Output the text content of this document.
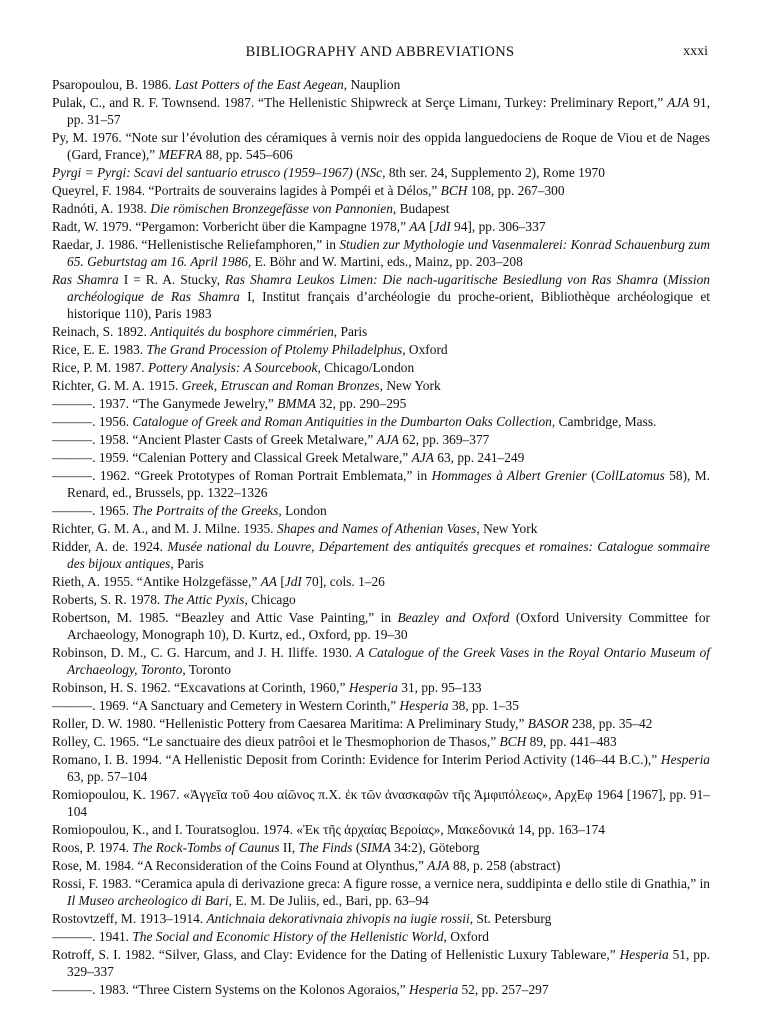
BIBLIOGRAPHY AND ABBREVIATIONS	xxxi
Psaropoulou, B. 1986. Last Potters of the East Aegean, Nauplion
Pulak, C., and R. F. Townsend. 1987. “The Hellenistic Shipwreck at Serçe Limanı, Turkey: Preliminary Report,” AJA 91, pp. 31–57
Py, M. 1976. “Note sur l’évolution des céramiques à vernis noir des oppida languedociens de Roque de Viou et de Nages (Gard, France),” MEFRA 88, pp. 545–606
Pyrgi = Pyrgi: Scavi del santuario etrusco (1959–1967) (NSc, 8th ser. 24, Supplemento 2), Rome 1970
Queyrel, F. 1984. “Portraits de souverains lagides à Pompéi et à Délos,” BCH 108, pp. 267–300
Radnóti, A. 1938. Die römischen Bronzegefässe von Pannonien, Budapest
Radt, W. 1979. “Pergamon: Vorbericht über die Kampagne 1978,” AA [JdI 94], pp. 306–337
Raedar, J. 1986. “Hellenistische Reliefamphoren,” in Studien zur Mythologie und Vasenmalerei: Konrad Schauenburg zum 65. Geburtstag am 16. April 1986, E. Böhr and W. Martini, eds., Mainz, pp. 203–208
Ras Shamra I = R. A. Stucky, Ras Shamra Leukos Limen: Die nach-ugaritische Besiedlung von Ras Shamra (Mission archéologique de Ras Shamra I, Institut français d’archéologie du proche-orient, Bibliothèque archéologique et historique 110), Paris 1983
Reinach, S. 1892. Antiquités du bosphore cimmérien, Paris
Rice, E. E. 1983. The Grand Procession of Ptolemy Philadelphus, Oxford
Rice, P. M. 1987. Pottery Analysis: A Sourcebook, Chicago/London
Richter, G. M. A. 1915. Greek, Etruscan and Roman Bronzes, New York
———. 1937. “The Ganymede Jewelry,” BMMA 32, pp. 290–295
———. 1956. Catalogue of Greek and Roman Antiquities in the Dumbarton Oaks Collection, Cambridge, Mass.
———. 1958. “Ancient Plaster Casts of Greek Metalware,” AJA 62, pp. 369–377
———. 1959. “Calenian Pottery and Classical Greek Metalware,” AJA 63, pp. 241–249
———. 1962. “Greek Prototypes of Roman Portrait Emblemata,” in Hommages à Albert Grenier (CollLatomus 58), M. Renard, ed., Brussels, pp. 1322–1326
———. 1965. The Portraits of the Greeks, London
Richter, G. M. A., and M. J. Milne. 1935. Shapes and Names of Athenian Vases, New York
Ridder, A. de. 1924. Musée national du Louvre, Département des antiquités grecques et romaines: Catalogue sommaire des bijoux antiques, Paris
Rieth, A. 1955. “Antike Holzgefässe,” AA [JdI 70], cols. 1–26
Roberts, S. R. 1978. The Attic Pyxis, Chicago
Robertson, M. 1985. “Beazley and Attic Vase Painting,” in Beazley and Oxford (Oxford University Committee for Archaeology, Monograph 10), D. Kurtz, ed., Oxford, pp. 19–30
Robinson, D. M., C. G. Harcum, and J. H. Iliffe. 1930. A Catalogue of the Greek Vases in the Royal Ontario Museum of Archaeology, Toronto, Toronto
Robinson, H. S. 1962. “Excavations at Corinth, 1960,” Hesperia 31, pp. 95–133
———. 1969. “A Sanctuary and Cemetery in Western Corinth,” Hesperia 38, pp. 1–35
Roller, D. W. 1980. “Hellenistic Pottery from Caesarea Maritima: A Preliminary Study,” BASOR 238, pp. 35–42
Rolley, C. 1965. “Le sanctuaire des dieux patrôoi et le Thesmophorion de Thasos,” BCH 89, pp. 441–483
Romano, I. B. 1994. “A Hellenistic Deposit from Corinth: Evidence for Interim Period Activity (146–44 B.C.),” Hesperia 63, pp. 57–104
Romiopoulou, K. 1967. «Ἀγγεῖα τοῦ 4ου αἰῶνος π.Χ. ἐκ τῶν ἀνασκαφῶν τῆς Ἀμφιπόλεως», ΑρχΕφ 1964 [1967], pp. 91–104
Romiopoulou, K., and I. Touratsoglou. 1974. «Ἐκ τῆς ἀρχαίας Βεροίας», Μακεδονικά 14, pp. 163–174
Roos, P. 1974. The Rock-Tombs of Caunus II, The Finds (SIMA 34:2), Göteborg
Rose, M. 1984. “A Reconsideration of the Coins Found at Olynthus,” AJA 88, p. 258 (abstract)
Rossi, F. 1983. “Ceramica apula di derivazione greca: A figure rosse, a vernice nera, suddipinta e dello stile di Gnathia,” in Il Museo archeologico di Bari, E. M. De Juliis, ed., Bari, pp. 63–94
Rostovtzeff, M. 1913–1914. Antichnaia dekorativnaia zhivopis na iugie rossii, St. Petersburg
———. 1941. The Social and Economic History of the Hellenistic World, Oxford
Rotroff, S. I. 1982. “Silver, Glass, and Clay: Evidence for the Dating of Hellenistic Luxury Tableware,” Hesperia 51, pp. 329–337
———. 1983. “Three Cistern Systems on the Kolonos Agoraios,” Hesperia 52, pp. 257–297
